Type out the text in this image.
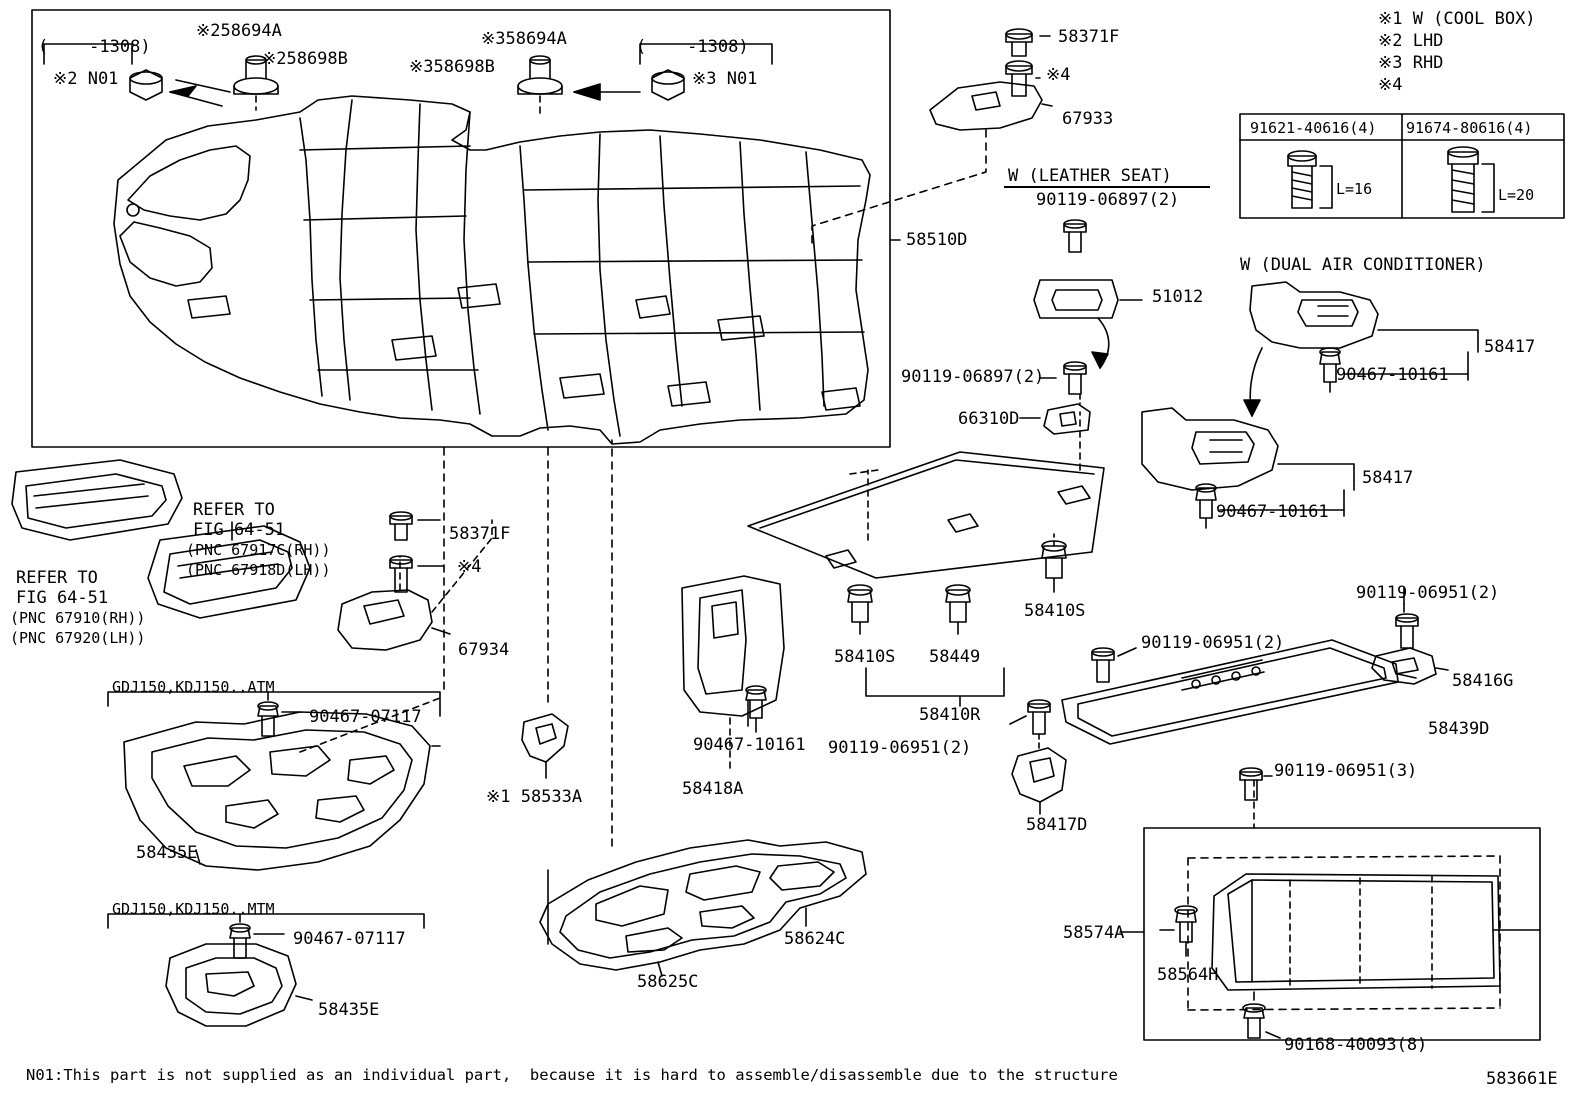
※258694A
※258698B
※358694A
※358698B
※2 N01	※3 N01
(    -1308)	(    -1308)	58371F
※4
67933
58510D
51012
90119-06897(2)
66310D
W (LEATHER SEAT)
90119-06897(2)
W (DUAL AIR CONDITIONER)
58417
90467-10161
58417
90467-10161
58371F
※4
67934
REFER TO
FIG 64-51
(PNC 67917C(RH))
(PNC 67918D(LH))
REFER TO
FIG 64-51
(PNC 67910(RH))
(PNC 67920(LH))
GDJ150,KDJ150..ATM
90467-07117
58435E
GDJ150,KDJ150..MTM
90467-07117
58435E
※1 58533A
90467-10161
58418A
58410S 58449
58410S
58410R
58625C
58624C
90119-06951(2)
90119-06951(2)
58416G
58439D
90119-06951(2)
58417D
90119-06951(3)
58574A
58564H
90168-40093(8)
※1 W (COOL BOX)
※2 LHD
※3 RHD
※4
91621-40616(4) 91674-80616(4)
L=16	L=20
N01:This part is not supplied as an individual part,  because it is hard to assemble/disassemble due to the structure	583661E
